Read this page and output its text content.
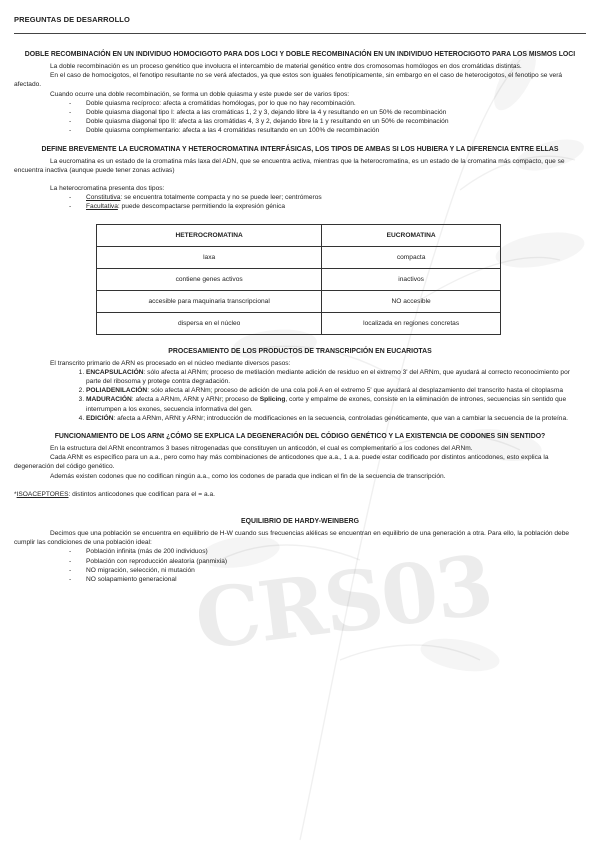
CRS03
PREGUNTAS DE DESARROLLO
DOBLE RECOMBINACIÓN EN UN INDIVIDUO HOMOCIGOTO PARA DOS LOCI Y DOBLE RECOMBINACIÓN EN UN INDIVIDUO HETEROCIGOTO PARA LOS MISMOS LOCI

La doble recombinación es un proceso genético que involucra el intercambio de material genético entre dos cromosomas homólogos en dos cromátidas distintas.

En el caso de homocigotos, el fenotipo resultante no se verá afectados, ya que estos son iguales fenotípicamente, sin embargo en el caso de heterocigotos, el fenotipo se verá afectado.

Cuando ocurre una doble recombinación, se forma un doble quiasma y este puede ser de varios tipos:

- Doble quiasma recíproco: afecta a cromátidas homólogas, por lo que no hay recombinación.
- Doble quiasma diagonal tipo I: afecta a las cromáticas 1, 2 y 3, dejando libre la 4 y resultando en un 50% de recombinación
- Doble quiasma diagonal tipo II: afecta a las cromátidas 4, 3 y 2, dejando libre la 1 y resultando en un 50% de recombinación
- Doble quiasma complementario: afecta a las 4 cromátidas resultando en un 100% de recombinación
DEFINE BREVEMENTE LA EUCROMATINA Y HETEROCROMATINA INTERFÁSICAS, LOS TIPOS DE AMBAS SI LOS HUBIERA Y LA DIFERENCIA ENTRE ELLAS

La eucromatina es un estado de la cromatina más laxa del ADN, que se encuentra activa, mientras que la heterocromatina, es un estado de la cromatina más compacto, que se encuentra inactiva (aunque puede tener zonas activas)

La heterocromatina presenta dos tipos:

- Constitutiva: se encuentra totalmente compacta y no se puede leer; centrómeros
- Facultativa: puede descompactarse permitiendo la expresión génica
HETEROCROMATINA	EUCROMATINA
laxa	compacta
contiene genes activos	inactivos
accesible para maquinaria transcripcional	NO accesible
dispersa en el núcleo	localizada en regiones concretas
PROCESAMIENTO DE LOS PRODUCTOS DE TRANSCRIPCIÓN EN EUCARIOTAS

El transcrito primario de ARN es procesado en el núcleo mediante diversos pasos:

1. ENCAPSULACIÓN: sólo afecta al ARNm; proceso de metilación mediante adición de residuo en el extremo 3' del ARNm, que ayudará al correcto reconocimiento por parte del ribosoma y protege contra degradación.
2. POLIADENILACIÓN: sólo afecta al ARNm; proceso de adición de una cola poli A en el extremo 5' que ayudará al desplazamiento del transcrito hasta el citoplasma
3. MADURACIÓN: afecta a ARNm, ARNt y ARNr; proceso de Splicing, corte y empalme de exones, consiste en la eliminación de intrones, secuencias sin sentido que interrumpen a los exones, secuencia informativa del gen.
4. EDICIÓN: afecta a ARNm, ARNt y ARNr; introducción de modificaciones en la secuencia, controladas genéticamente, que van a cambiar la secuencia de la proteína.
FUNCIONAMIENTO DE LOS ARNt ¿CÓMO SE EXPLICA LA DEGENERACIÓN DEL CÓDIGO GENÉTICO Y LA EXISTENCIA DE CODONES SIN SENTIDO?

En la estructura del ARNt encontramos 3 bases nitrogenadas que constituyen un anticodón, el cual es complementario a los codones del ARNm.

Cada ARNt es específico para un a.a., pero como hay más combinaciones de anticodones que a.a., 1 a.a. puede estar codificado por distintos anticodones, esto explica la degeneración del código genético.

Además existen codones que no codifican ningún a.a., como los codones de parada que indican el fin de la secuencia de transcripción.

*ISOACEPTORES: distintos anticodones que codifican para el = a.a.

EQUILIBRIO DE HARDY-WEINBERG

Decimos que una población se encuentra en equilibrio de H-W cuando sus frecuencias alélicas se encuentran en equilibrio de una generación a otra. Para ello, la población debe cumplir las condiciones de una población ideal:

- Población infinita (más de 200 individuos)
- Población con reproducción aleatoria (panmixia)
- NO migración, selección, ni mutación
- NO solapamiento generacional
